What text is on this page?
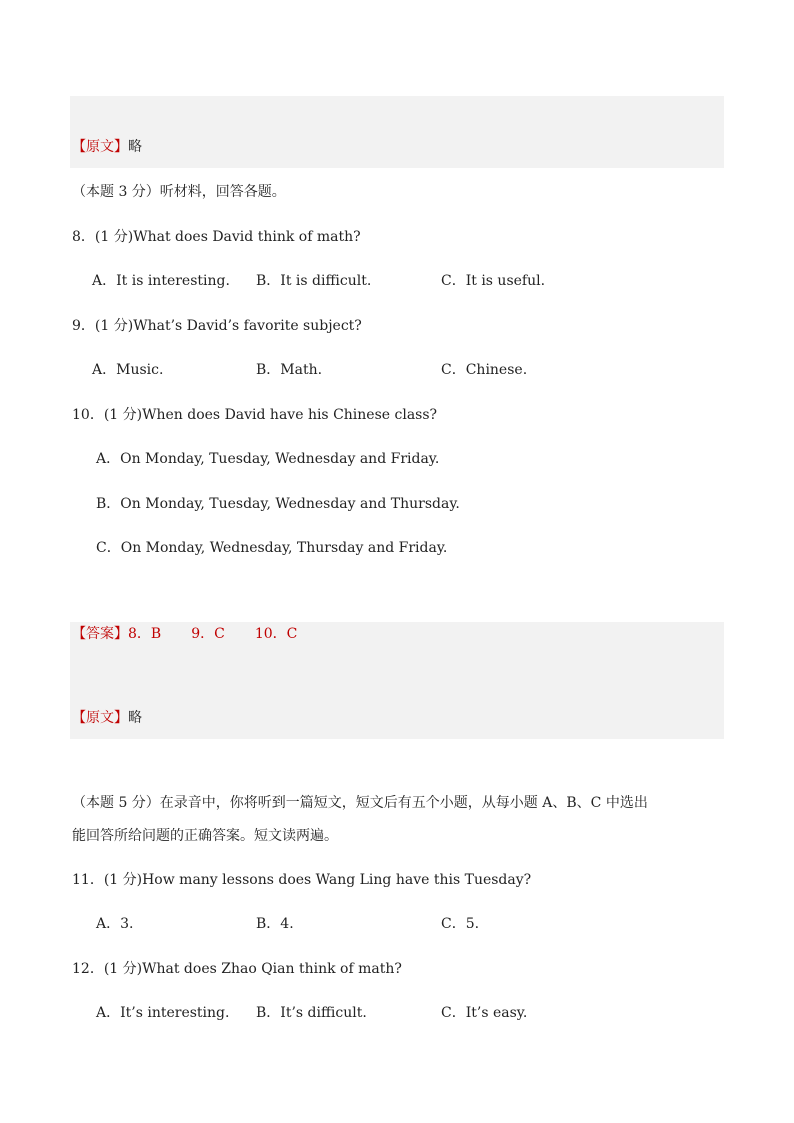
【原文】略
（本题 3 分）听材料，回答各题。
8．(1 分)What does David think of math?
A．It is interesting. B．It is difficult.	C．It is useful.
9．(1 分)What’s David’s favorite subject?
A．Music.	B．Math.	C．Chinese.
10．(1 分)When does David have his Chinese class?
A．On Monday, Tuesday, Wednesday and Friday.
B．On Monday, Tuesday, Wednesday and Thursday.
C．On Monday, Wednesday, Thursday and Friday.
【答案】8．B 9．C 10．C
【原文】略
（本题 5 分）在录音中，你将听到一篇短文，短文后有五个小题，从每小题 A、B、C 中选出
能回答所给问题的正确答案。短文读两遍。
11．(1 分)How many lessons does Wang Ling have this Tuesday?
A．3.	B．4.	C．5.
12．(1 分)What does Zhao Qian think of math?
A．It’s interesting. B．It’s difficult.	C．It’s easy.
